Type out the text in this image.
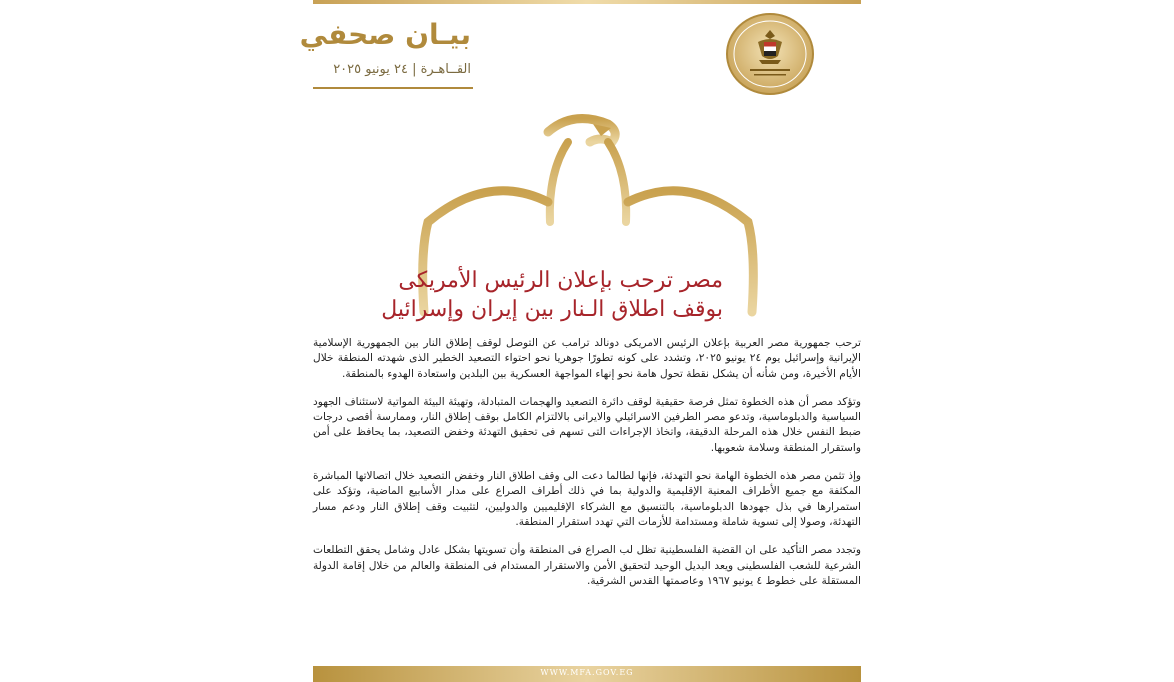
بيـان صحفي
القــاهـرة | ٢٤ يونيو ٢٠٢٥
مصر ترحب بإعلان الرئيس الأمريكى
بوقف اطلاق الـنار بين إيران وإسرائيل

ترحب جمهورية مصر العربية بإعلان الرئيس الامريكى دونالد ترامب عن التوصل لوقف إطلاق النار بين الجمهورية الإسلامية الإيرانية وإسرائيل يوم ٢٤ يونيو ٢٠٢٥، وتشدد على كونه تطورًا جوهريا نحو احتواء التصعيد الخطير الذى شهدته المنطقة خلال الأيام الأخيرة، ومن شأنه أن يشكل نقطة تحول هامة نحو إنهاء المواجهة العسكرية بين البلدين واستعادة الهدوء بالمنطقة.

وتؤكد مصر أن هذه الخطوة تمثل فرصة حقيقية لوقف دائرة التصعيد والهجمات المتبادلة، وتهيئة البيئة المواتية لاستئناف الجهود السياسية والدبلوماسية، وتدعو مصر الطرفين الاسرائيلي والايرانى بالالتزام الكامل بوقف إطلاق النار، وممارسة أقصى درجات ضبط النفس خلال هذه المرحلة الدقيقة، واتخاذ الإجراءات التى تسهم فى تحقيق التهدئة وخفض التصعيد، بما يحافظ على أمن واستقرار المنطقة وسلامة شعوبها.

وإذ تثمن مصر هذه الخطوة الهامة نحو التهدئة، فإنها لطالما دعت الى وقف اطلاق النار وخفض التصعيد خلال اتصالاتها المباشرة المكثفة مع جميع الأطراف المعنية الإقليمية والدولية بما في ذلك أطراف الصراع على مدار الأسابيع الماضية، وتؤكد على استمرارها في بذل جهودها الدبلوماسية، بالتنسيق مع الشركاء الإقليميين والدوليين، لتثبيت وقف إطلاق النار ودعم مسار التهدئة، وصولا إلى تسوية شاملة ومستدامة للأزمات التي تهدد استقرار المنطقة.

وتجدد مصر التأكيد على ان القضية الفلسطينية تظل لب الصراع فى المنطقة وأن تسويتها بشكل عادل وشامل يحقق التطلعات الشرعية للشعب الفلسطينى ويعد البديل الوحيد لتحقيق الأمن والاستقرار المستدام فى المنطقة والعالم من خلال إقامة الدولة المستقلة على خطوط ٤ يونيو ١٩٦٧ وعاصمتها القدس الشرقية.

WWW.MFA.GOV.EG
